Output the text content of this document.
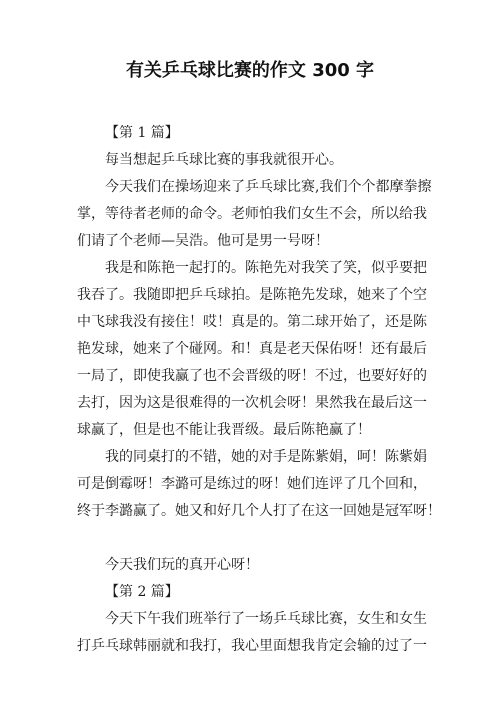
有关乒乓球比赛的作文 300 字
【第 1 篇】
每当想起乒乓球比赛的事我就很开心。
今天我们在操场迎来了乒乓球比赛,我们个个都摩拳擦
掌，等待者老师的命令。老师怕我们女生不会，所以给我
们请了个老师—吴浩。他可是男一号呀！
我是和陈艳一起打的。陈艳先对我笑了笑，似乎要把
我吞了。我随即把乒乓球拍。是陈艳先发球，她来了个空
中飞球我没有接住！哎！真是的。第二球开始了，还是陈
艳发球，她来了个碰网。和！真是老天保佑呀！还有最后
一局了，即使我赢了也不会晋级的呀！不过，也要好好的
去打，因为这是很难得的一次机会呀！果然我在最后这一
球赢了，但是也不能让我晋级。最后陈艳赢了！
我的同桌打的不错，她的对手是陈紫娟，呵！陈紫娟
可是倒霉呀！李潞可是练过的呀！她们连评了几个回和，
终于李潞赢了。她又和好几个人打了在这一回她是冠军呀！
今天我们玩的真开心呀！
【第 2 篇】
今天下午我们班举行了一场乒乓球比赛，女生和女生
打乒乓球韩丽就和我打，我心里面想我肯定会输的过了一
